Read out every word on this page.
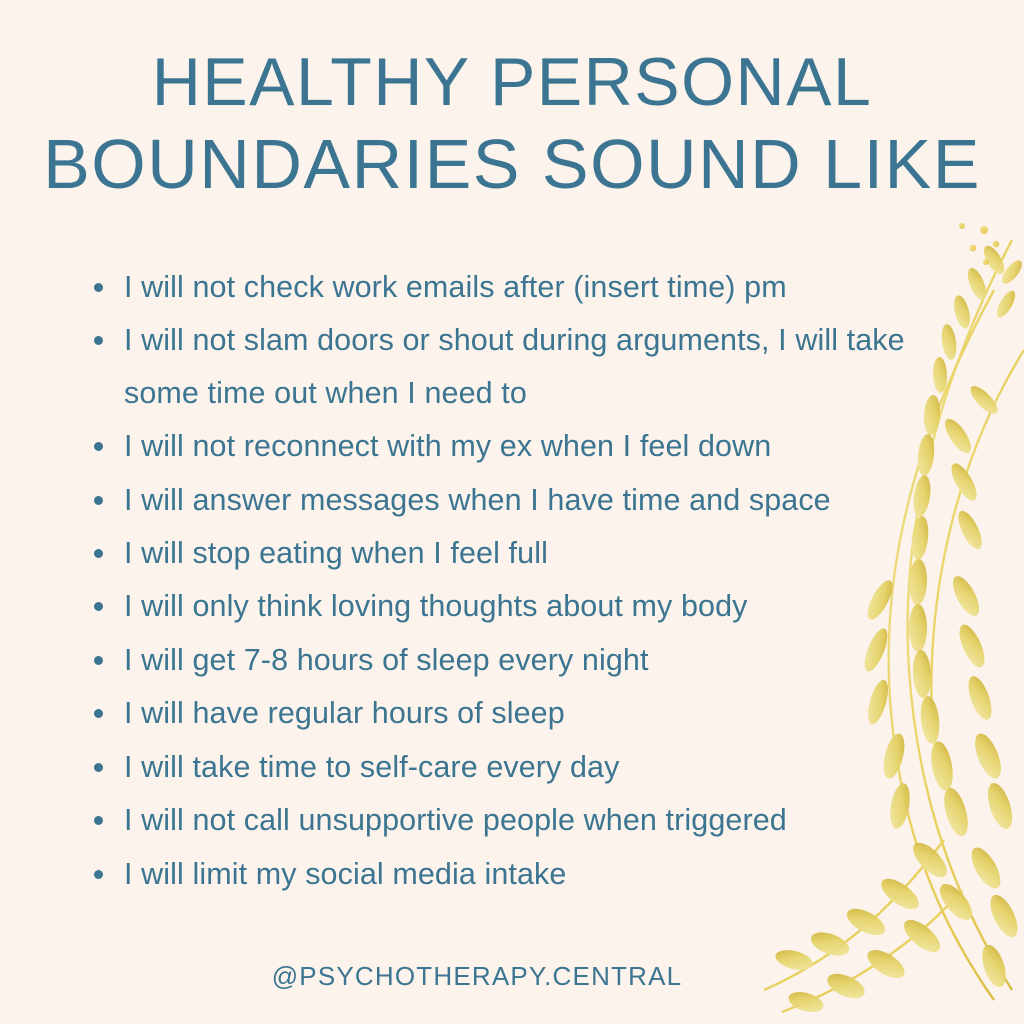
HEALTHY PERSONAL
BOUNDARIES SOUND LIKE
I will not check work emails after (insert time) pm
I will not slam doors or shout during arguments, I will take some time out when I need to
I will not reconnect with my ex when I feel down
I will answer messages when I have time and space
I will stop eating when I feel full
I will only think loving thoughts about my body
I will get 7-8 hours of sleep every night
I will have regular hours of sleep
I will take time to self-care every day
I will not call unsupportive people when triggered
I will limit my social media intake
@PSYCHOTHERAPY.CENTRAL
